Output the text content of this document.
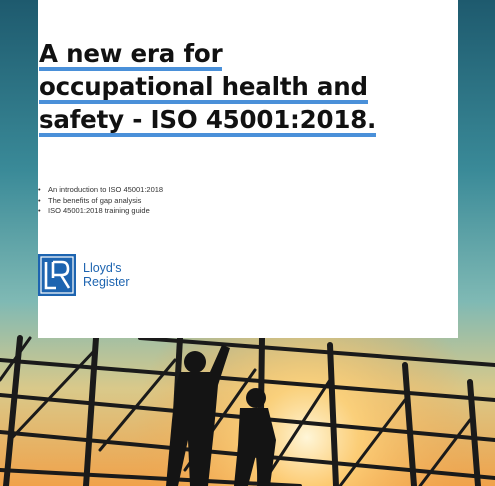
A new era for
occupational health and
safety - ISO 45001:2018.
• An introduction to ISO 45001:2018
• The benefits of gap analysis
• ISO 45001:2018 training guide
Lloyd's
Register
